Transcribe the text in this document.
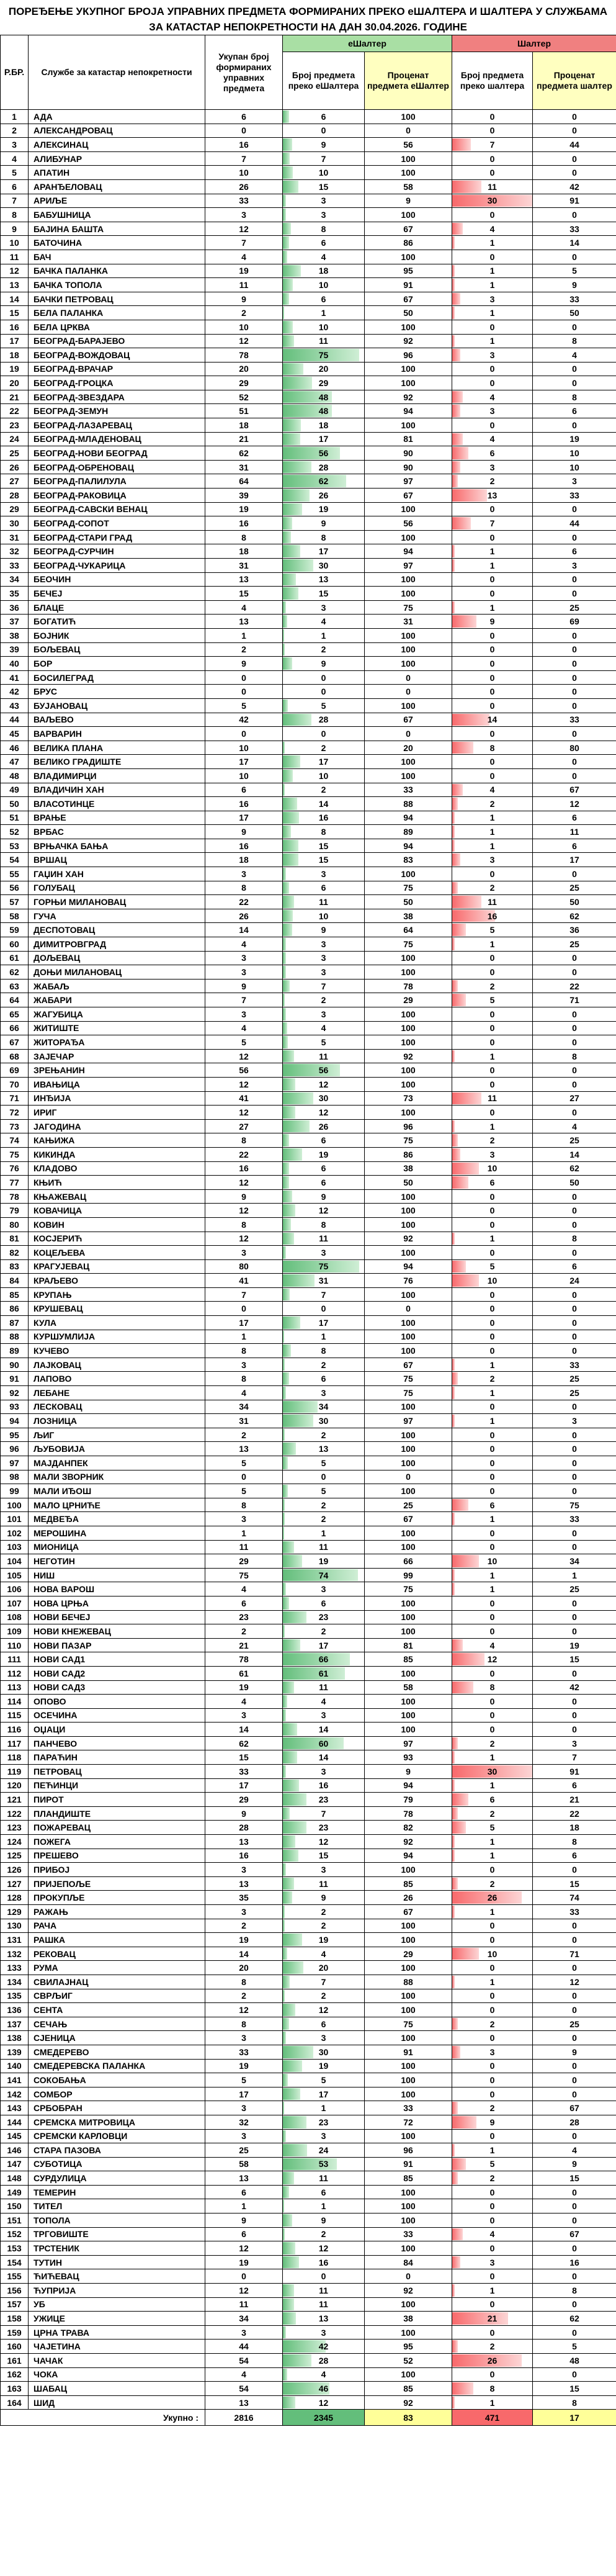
ПОРЕЂЕЊЕ УКУПНОГ БРОЈА УПРАВНИХ ПРЕДМЕТА ФОРМИРАНИХ ПРЕКО еШАЛТЕРА И ШАЛТЕРА У СЛУЖБАМА ЗА КАТАСТАР НЕПОКРЕТНОСТИ НА ДАН 30.04.2026. ГОДИНЕ
Р.БР.	Службе за катастар непокретности	Укупан број формираних управних предмета	еШалтер		Шалтер	
			Број предмета преко еШалтера	Проценат предмета еШалтер	Број предмета преко шалтера	Проценат предмета шалтер
1	АДА	6	6	100	0	0
2	АЛЕКСАНДРОВАЦ	0	0	0	0	0
3	АЛЕКСИНАЦ	16	9	56	7	44
4	АЛИБУНАР	7	7	100	0	0
5	АПАТИН	10	10	100	0	0
6	АРАНЂЕЛОВАЦ	26	15	58	11	42
7	АРИЉЕ	33	3	9	30	91
8	БАБУШНИЦА	3	3	100	0	0
9	БАЈИНА БАШТА	12	8	67	4	33
10	БАТОЧИНА	7	6	86	1	14
11	БАЧ	4	4	100	0	0
12	БАЧКА ПАЛАНКА	19	18	95	1	5
13	БАЧКА ТОПОЛА	11	10	91	1	9
14	БАЧКИ ПЕТРОВАЦ	9	6	67	3	33
15	БЕЛА ПАЛАНКА	2	1	50	1	50
16	БЕЛА ЦРКВА	10	10	100	0	0
17	БЕОГРАД-БАРАЈЕВО	12	11	92	1	8
18	БЕОГРАД-ВОЖДОВАЦ	78	75	96	3	4
19	БЕОГРАД-ВРАЧАР	20	20	100	0	0
20	БЕОГРАД-ГРОЦКА	29	29	100	0	0
21	БЕОГРАД-ЗВЕЗДАРА	52	48	92	4	8
22	БЕОГРАД-ЗЕМУН	51	48	94	3	6
23	БЕОГРАД-ЛАЗАРЕВАЦ	18	18	100	0	0
24	БЕОГРАД-МЛАДЕНОВАЦ	21	17	81	4	19
25	БЕОГРАД-НОВИ БЕОГРАД	62	56	90	6	10
26	БЕОГРАД-ОБРЕНОВАЦ	31	28	90	3	10
27	БЕОГРАД-ПАЛИЛУЛА	64	62	97	2	3
28	БЕОГРАД-РАКОВИЦА	39	26	67	13	33
29	БЕОГРАД-САВСКИ ВЕНАЦ	19	19	100	0	0
30	БЕОГРАД-СОПОТ	16	9	56	7	44
31	БЕОГРАД-СТАРИ ГРАД	8	8	100	0	0
32	БЕОГРАД-СУРЧИН	18	17	94	1	6
33	БЕОГРАД-ЧУКАРИЦА	31	30	97	1	3
34	БЕОЧИН	13	13	100	0	0
35	БЕЧЕЈ	15	15	100	0	0
36	БЛАЦЕ	4	3	75	1	25
37	БОГАТИЋ	13	4	31	9	69
38	БОЈНИК	1	1	100	0	0
39	БОЉЕВАЦ	2	2	100	0	0
40	БОР	9	9	100	0	0
41	БОСИЛЕГРАД	0	0	0	0	0
42	БРУС	0	0	0	0	0
43	БУЈАНОВАЦ	5	5	100	0	0
44	ВАЉЕВО	42	28	67	14	33
45	ВАРВАРИН	0	0	0	0	0
46	ВЕЛИКА ПЛАНА	10	2	20	8	80
47	ВЕЛИКО ГРАДИШТЕ	17	17	100	0	0
48	ВЛАДИМИРЦИ	10	10	100	0	0
49	ВЛАДИЧИН ХАН	6	2	33	4	67
50	ВЛАСОТИНЦЕ	16	14	88	2	12
51	ВРАЊЕ	17	16	94	1	6
52	ВРБАС	9	8	89	1	11
53	ВРЊАЧКА БАЊА	16	15	94	1	6
54	ВРШАЦ	18	15	83	3	17
55	ГАЏИН ХАН	3	3	100	0	0
56	ГОЛУБАЦ	8	6	75	2	25
57	ГОРЊИ МИЛАНОВАЦ	22	11	50	11	50
58	ГУЧА	26	10	38	16	62
59	ДЕСПОТОВАЦ	14	9	64	5	36
60	ДИМИТРОВГРАД	4	3	75	1	25
61	ДОЉЕВАЦ	3	3	100	0	0
62	ДОЊИ МИЛАНОВАЦ	3	3	100	0	0
63	ЖАБАЉ	9	7	78	2	22
64	ЖАБАРИ	7	2	29	5	71
65	ЖАГУБИЦА	3	3	100	0	0
66	ЖИТИШТЕ	4	4	100	0	0
67	ЖИТОРАЂА	5	5	100	0	0
68	ЗАЈЕЧАР	12	11	92	1	8
69	ЗРЕЊАНИН	56	56	100	0	0
70	ИВАЊИЦА	12	12	100	0	0
71	ИНЂИЈА	41	30	73	11	27
72	ИРИГ	12	12	100	0	0
73	ЈАГОДИНА	27	26	96	1	4
74	КАЊИЖА	8	6	75	2	25
75	КИКИНДА	22	19	86	3	14
76	КЛАДОВО	16	6	38	10	62
77	КЊИЋ	12	6	50	6	50
78	КЊАЖЕВАЦ	9	9	100	0	0
79	КОВАЧИЦА	12	12	100	0	0
80	КОВИН	8	8	100	0	0
81	КОСЈЕРИЋ	12	11	92	1	8
82	КОЦЕЉЕВА	3	3	100	0	0
83	КРАГУЈЕВАЦ	80	75	94	5	6
84	КРАЉЕВО	41	31	76	10	24
85	КРУПАЊ	7	7	100	0	0
86	КРУШЕВАЦ	0	0	0	0	0
87	КУЛА	17	17	100	0	0
88	КУРШУМЛИЈА	1	1	100	0	0
89	КУЧЕВО	8	8	100	0	0
90	ЛАЈКОВАЦ	3	2	67	1	33
91	ЛАПОВО	8	6	75	2	25
92	ЛЕБАНЕ	4	3	75	1	25
93	ЛЕСКОВАЦ	34	34	100	0	0
94	ЛОЗНИЦА	31	30	97	1	3
95	ЉИГ	2	2	100	0	0
96	ЉУБОВИЈА	13	13	100	0	0
97	МАЈДАНПЕК	5	5	100	0	0
98	МАЛИ ЗВОРНИК	0	0	0	0	0
99	МАЛИ ИЂОШ	5	5	100	0	0
100	МАЛО ЦРНИЋЕ	8	2	25	6	75
101	МЕДВЕЂА	3	2	67	1	33
102	МЕРОШИНА	1	1	100	0	0
103	МИОНИЦА	11	11	100	0	0
104	НЕГОТИН	29	19	66	10	34
105	НИШ	75	74	99	1	1
106	НОВА ВАРОШ	4	3	75	1	25
107	НОВА ЦРЊА	6	6	100	0	0
108	НОВИ БЕЧЕЈ	23	23	100	0	0
109	НОВИ КНЕЖЕВАЦ	2	2	100	0	0
110	НОВИ ПАЗАР	21	17	81	4	19
111	НОВИ САД1	78	66	85	12	15
112	НОВИ САД2	61	61	100	0	0
113	НОВИ САД3	19	11	58	8	42
114	ОПОВО	4	4	100	0	0
115	ОСЕЧИНА	3	3	100	0	0
116	ОЏАЦИ	14	14	100	0	0
117	ПАНЧЕВО	62	60	97	2	3
118	ПАРАЋИН	15	14	93	1	7
119	ПЕТРОВАЦ	33	3	9	30	91
120	ПЕЋИНЦИ	17	16	94	1	6
121	ПИРОТ	29	23	79	6	21
122	ПЛАНДИШТЕ	9	7	78	2	22
123	ПОЖАРЕВАЦ	28	23	82	5	18
124	ПОЖЕГА	13	12	92	1	8
125	ПРЕШЕВО	16	15	94	1	6
126	ПРИБОЈ	3	3	100	0	0
127	ПРИЈЕПОЉЕ	13	11	85	2	15
128	ПРОКУПЉЕ	35	9	26	26	74
129	РАЖАЊ	3	2	67	1	33
130	РАЧА	2	2	100	0	0
131	РАШКА	19	19	100	0	0
132	РЕКОВАЦ	14	4	29	10	71
133	РУМА	20	20	100	0	0
134	СВИЛАЈНАЦ	8	7	88	1	12
135	СВРЉИГ	2	2	100	0	0
136	СЕНТА	12	12	100	0	0
137	СЕЧАЊ	8	6	75	2	25
138	СJЕНИЦА	3	3	100	0	0
139	СМЕДЕРЕВО	33	30	91	3	9
140	СМЕДЕРЕВСКА ПАЛАНКА	19	19	100	0	0
141	СОКОБАЊА	5	5	100	0	0
142	СОМБОР	17	17	100	0	0
143	СРБОБРАН	3	1	33	2	67
144	СРЕМСКА МИТРОВИЦА	32	23	72	9	28
145	СРЕМСКИ КАРЛОВЦИ	3	3	100	0	0
146	СТАРА ПАЗОВА	25	24	96	1	4
147	СУБОТИЦА	58	53	91	5	9
148	СУРДУЛИЦА	13	11	85	2	15
149	ТЕМЕРИН	6	6	100	0	0
150	ТИТЕЛ	1	1	100	0	0
151	ТОПОЛА	9	9	100	0	0
152	ТРГОВИШТЕ	6	2	33	4	67
153	ТРСТЕНИК	12	12	100	0	0
154	ТУТИН	19	16	84	3	16
155	ЋИЋЕВАЦ	0	0	0	0	0
156	ЋУПРИЈА	12	11	92	1	8
157	УБ	11	11	100	0	0
158	УЖИЦЕ	34	13	38	21	62
159	ЦРНА ТРАВА	3	3	100	0	0
160	ЧАЈЕТИНА	44	42	95	2	5
161	ЧАЧАК	54	28	52	26	48
162	ЧОКА	4	4	100	0	0
163	ШАБАЦ	54	46	85	8	15
164	ШИД	13	12	92	1	8
Укупно :		2816	2345	83	471	17
